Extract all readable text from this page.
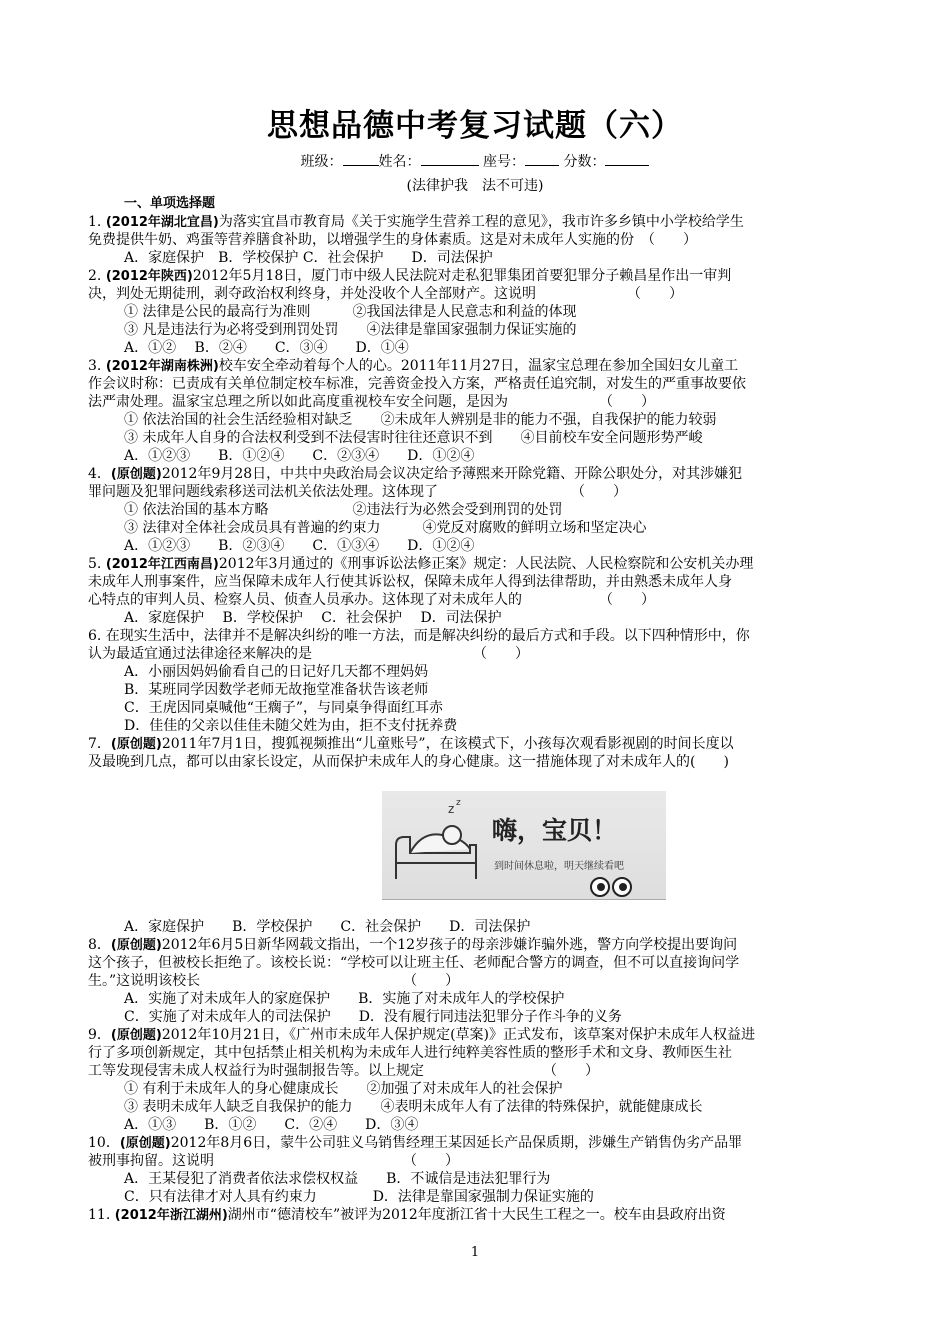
思想品德中考复习试题（六）
班级：	姓名：	座号：	分数：
(法律护我　法不可违)
一、单项选择题
1. (2012年湖北宜昌)为落实宜昌市教育局《关于实施学生营养工程的意见》，我市许多乡镇中小学校给学生
免费提供牛奶、鸡蛋等营养膳食补助，以增强学生的身体素质。这是对未成年人实施的份　（　　）
A．家庭保护　B．学校保护 C．社会保护　　D．司法保护
2. (2012年陕西)2012年5月18日，厦门市中级人民法院对走私犯罪集团首要犯罪分子赖昌星作出一审判
决，判处无期徒刑，剥夺政治权利终身，并处没收个人全部财产。这说明　　　　　　　（　　）
① 法律是公民的最高行为准则　　　②我国法律是人民意志和利益的体现
③ 凡是违法行为必将受到刑罚处罚　　④法律是靠国家强制力保证实施的
A．①②　 B．②④　　C．③④　　D．①④
3. (2012年湖南株洲)校车安全牵动着每个人的心。2011年11月27日，温家宝总理在参加全国妇女儿童工
作会议时称：已责成有关单位制定校车标准，完善资金投入方案，严格责任追究制，对发生的严重事故要依
法严肃处理。温家宝总理之所以如此高度重视校车安全问题，是因为　　　　　　　（　　）
① 依法治国的社会生活经验相对缺乏　　②未成年人辨别是非的能力不强，自我保护的能力较弱
③ 未成年人自身的合法权利受到不法侵害时往往还意识不到　　④目前校车安全问题形势严峻
A．①②③　　B．①②④　　C．②③④　　D．①②④
4．(原创题)2012年9月28日，中共中央政治局会议决定给予薄熙来开除党籍、开除公职处分，对其涉嫌犯
罪问题及犯罪问题线索移送司法机关依法处理。这体现了　　　　　　　　　　（　　）
① 依法治国的基本方略　　　　　　②违法行为必然会受到刑罚的处罚
③ 法律对全体社会成员具有普遍的约束力　　　④党反对腐败的鲜明立场和坚定决心
A．①②③　　B．②③④　　C．①③④　　D．①②④
5. (2012年江西南昌)2012年3月通过的《刑事诉讼法修正案》规定：人民法院、人民检察院和公安机关办理
未成年人刑事案件，应当保障未成年人行使其诉讼权，保障未成年人得到法律帮助，并由熟悉未成年人身
心特点的审判人员、检察人员、侦查人员承办。这体现了对未成年人的　　　　　　（　　）
A．家庭保护　 B．学校保护　 C．社会保护　 D．司法保护
6. 在现实生活中，法律并不是解决纠纷的唯一方法，而是解决纠纷的最后方式和手段。以下四种情形中，你
认为最适宜通过法律途径来解决的是　　　　　　　　　　　　（　　）
A．小丽因妈妈偷看自己的日记好几天都不理妈妈
B．某班同学因数学老师无故拖堂准备状告该老师
C．王虎因同桌喊他“王瘸子”，与同桌争得面红耳赤
D．佳佳的父亲以佳佳未随父姓为由，拒不支付抚养费
7．(原创题)2011年7月1日，搜狐视频推出“儿童账号”，在该模式下，小孩每次观看影视剧的时间长度以
及最晚到几点，都可以由家长设定，从而保护未成年人的身心健康。这一措施体现了对未成年人的(　　)
z z
嗨，宝贝！
到时间休息啦，明天继续看吧
A．家庭保护　　B．学校保护　　C．社会保护　　D．司法保护
8．(原创题)2012年6月5日新华网载文指出，一个12岁孩子的母亲涉嫌诈骗外逃，警方向学校提出要询问
这个孩子，但被校长拒绝了。该校长说：“学校可以让班主任、老师配合警方的调查，但不可以直接询问学
生。”这说明该校长　　　　　　　　　　　　　　　（　　）
A．实施了对未成年人的家庭保护　　B．实施了对未成年人的学校保护
C．实施了对未成年人的司法保护　　D．没有履行同违法犯罪分子作斗争的义务
9．(原创题)2012年10月21日，《广州市未成年人保护规定(草案)》正式发布，该草案对保护未成年人权益进
行了多项创新规定，其中包括禁止相关机构为未成年人进行纯粹美容性质的整形手术和文身、教师医生社
工等发现侵害未成人权益行为时强制报告等。以上规定　　　　　　　　　（　　）
① 有利于未成年人的身心健康成长　　②加强了对未成年人的社会保护
③ 表明未成年人缺乏自我保护的能力　　④表明未成年人有了法律的特殊保护，就能健康成长
A．①③　　B．①②　　C．②④　　D．③④
10．(原创题)2012年8月6日，蒙牛公司驻义乌销售经理王某因延长产品保质期，涉嫌生产销售伪劣产品罪
被刑事拘留。这说明　　　　　　　　　　　　　　（　　）
A．王某侵犯了消费者依法求偿权权益　　B．不诚信是违法犯罪行为
C．只有法律才对人具有约束力　　　　D．法律是靠国家强制力保证实施的
11. (2012年浙江湖州)湖州市“德清校车”被评为2012年度浙江省十大民生工程之一。校车由县政府出资
1
